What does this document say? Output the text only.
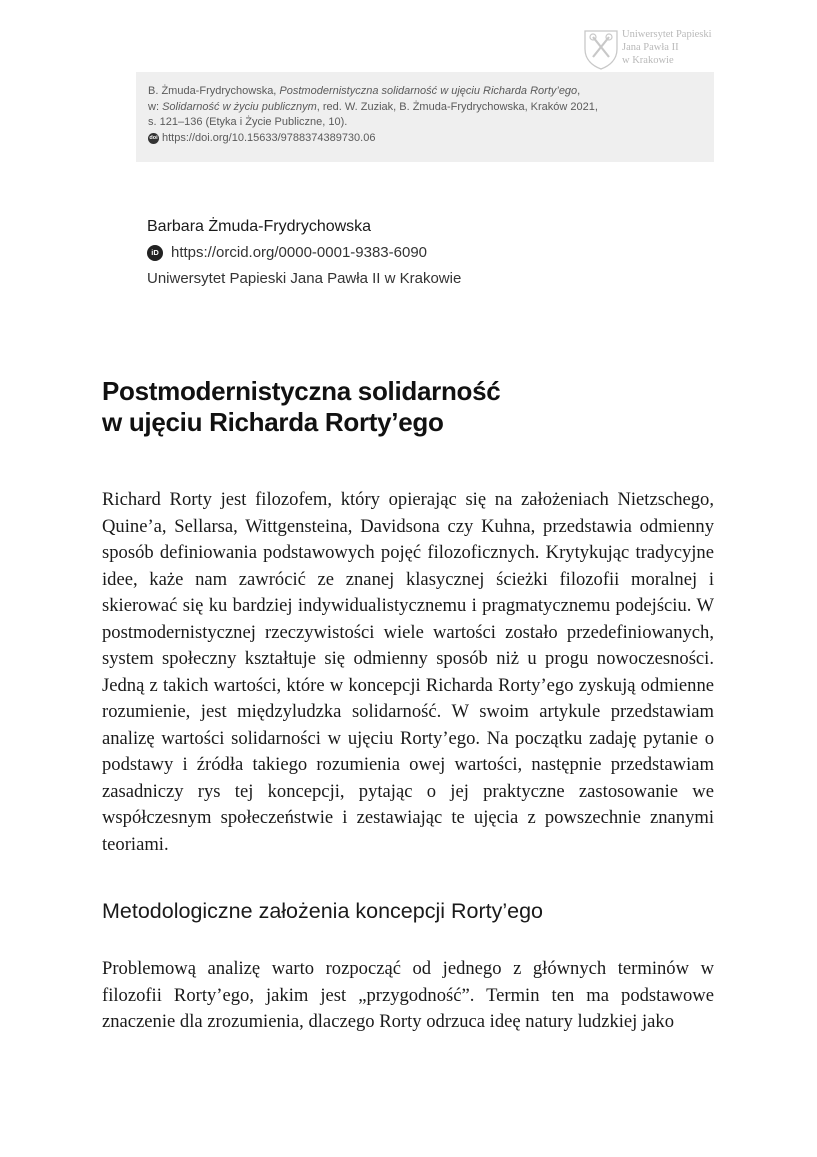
Uniwersytet Papieski
Jana Pawła II
w Krakowie
B. Żmuda-Frydrychowska, Postmodernistyczna solidarność w ujęciu Richarda Rorty’ego,
w: Solidarność w życiu publicznym, red. W. Zuziak, B. Żmuda-Frydrychowska, Kraków 2021,
s. 121–136 (Etyka i Życie Publiczne, 10).
doi https://doi.org/10.15633/9788374389730.06
Barbara Żmuda-Frydrychowska
iD https://orcid.org/0000-0001-9383-6090
Uniwersytet Papieski Jana Pawła II w Krakowie
Postmodernistyczna solidarność
w ujęciu Richarda Rorty’ego

Richard Rorty jest filozofem, który opierając się na założeniach Nietzschego, Quine’a, Sellarsa, Wittgensteina, Davidsona czy Kuhna, przedstawia odmienny sposób definiowania podstawowych pojęć filozoficznych. Krytykując tradycyjne idee, każe nam zawrócić ze znanej klasycznej ścieżki filozofii moralnej i skierować się ku bardziej indywidualistycznemu i pragmatycznemu podejściu. W postmodernistycznej rzeczywistości wiele wartości zostało przedefiniowanych, system społeczny kształtuje się odmienny sposób niż u progu nowoczesności. Jedną z takich wartości, które w koncepcji Richarda Rorty’ego zyskują odmienne rozumienie, jest międzyludzka solidarność. W swoim artykule przedstawiam analizę wartości solidarności w ujęciu Rorty’ego. Na początku zadaję pytanie o podstawy i źródła takiego rozumienia owej wartości, następnie przedstawiam zasadniczy rys tej koncepcji, pytając o jej praktyczne zastosowanie we współczesnym społeczeństwie i zestawiając te ujęcia z powszechnie znanymi teoriami.

Metodologiczne założenia koncepcji Rorty’ego

Problemową analizę warto rozpocząć od jednego z głównych terminów w filozofii Rorty’ego, jakim jest „przygodność”. Termin ten ma podstawowe znaczenie dla zrozumienia, dlaczego Rorty odrzuca ideę natury ludzkiej jako
